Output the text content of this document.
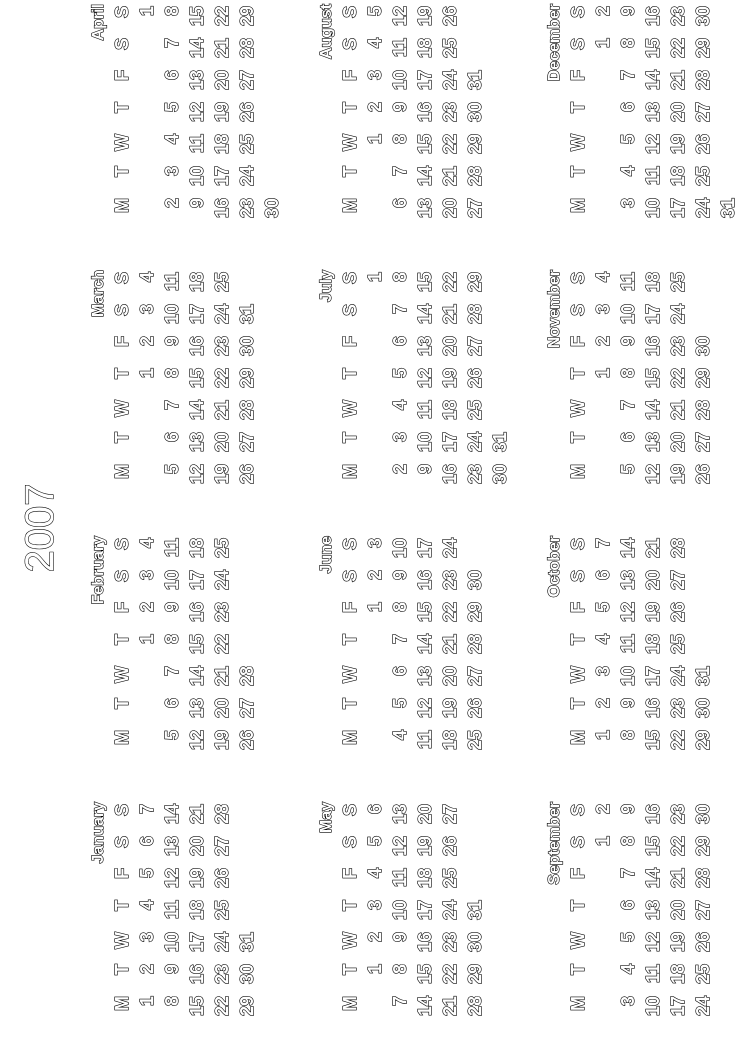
2007
January
M
T
W
T
F
S
S
1
2
3
4
5
6
7
8
9
10
11
12
13
14
15
16
17
18
19
20
21
22
23
24
25
26
27
28
29
30
31
February
M
T
W
T
F
S
S
1
2
3
4
5
6
7
8
9
10
11
12
13
14
15
16
17
18
19
20
21
22
23
24
25
26
27
28
March
M
T
W
T
F
S
S
1
2
3
4
5
6
7
8
9
10
11
12
13
14
15
16
17
18
19
20
21
22
23
24
25
26
27
28
29
30
31
April
M
T
W
T
F
S
S 1
2
3
4
5
6
7
8
9
10
11
12
13
14
15
16
17
18
19
20
21
22
23
24
25
26
27
28
29
30
May
M
T
W
T
F
S
S
1
2
3
4
5
6
7
8
9
10
11
12
13
14
15
16
17
18
19
20
21
22
23
24
25
26
27
28
29
30
31
June
M
T
W
T
F
S
S
1
2
3
4
5
6
7
8
9
10
11
12
13
14
15
16
17
18
19
20
21
22
23
24
25
26
27
28
29
30
July
M
T
W
T
F
S
S 1
2
3
4
5
6
7
8
9
10
11
12
13
14
15
16
17
18
19
20
21
22
23
24
25
26
27
28
29
30
31
August
M
T
W
T
F
S
S
1
2
3
4
5
6
7
8
9
10
11
12
13
14
15
16
17
18
19
20
21
22
23
24
25
26
27
28
29
30
31
September
M
T
W
T
F
S
S
1
2
3
4
5
6
7
8
9
10
11
12
13
14
15
16
17
18
19
20
21
22
23
24
25
26
27
28
29
30
October
M
T
W
T
F
S
S
1
2
3
4
5
6
7
8
9
10
11
12
13
14
15
16
17
18
19
20
21
22
23
24
25
26
27
28
29
30
31
November
M
T
W
T
F
S
S
1
2
3
4
5
6
7
8
9
10
11
12
13
14
15
16
17
18
19
20
21
22
23
24
25
26
27
28
29
30
December
M
T
W
T
F
S
S
1
2
3
4
5
6
7
8
9
10
11
12
13
14
15
16
17
18
19
20
21
22
23
24
25
26
27
28
29
30
31
